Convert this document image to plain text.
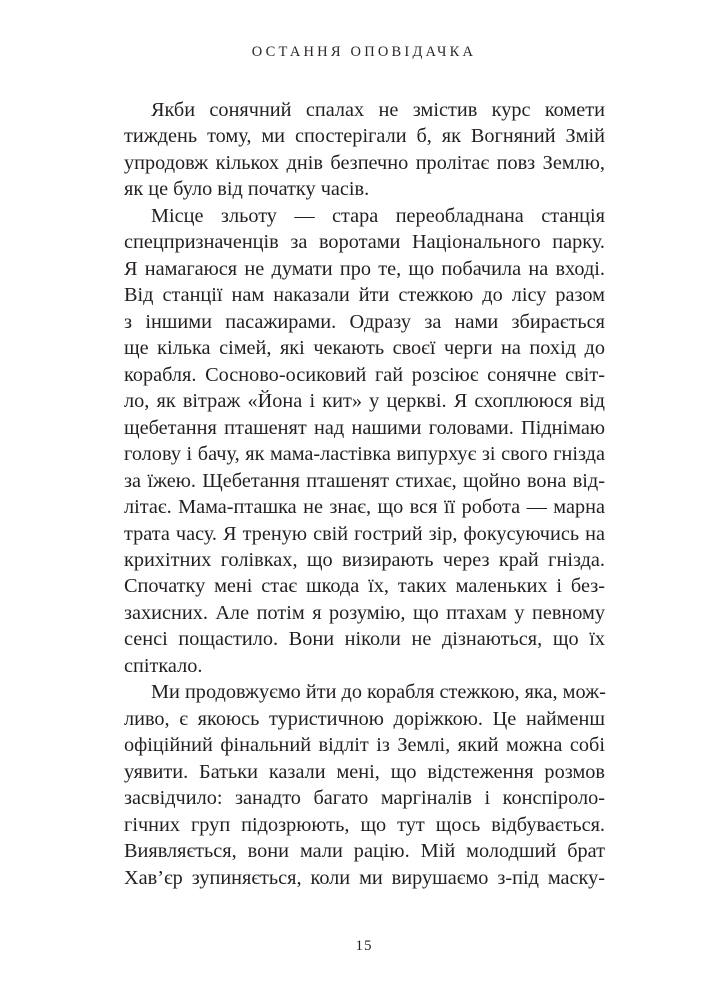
ОСТАННЯ ОПОВІДАЧКА
Якби сонячний спалах не змістив курс комети
тиждень тому, ми спостерігали б, як Вогняний Змій
упродовж кількох днів безпечно пролітає повз Землю,
як це було від початку часів.
Місце зльоту — стара переобладнана станція
спецпризначенців за воротами Національного парку.
Я намагаюся не думати про те, що побачила на вході.
Від станції нам наказали йти стежкою до лісу разом
з іншими пасажирами. Одразу за нами збирається
ще кілька сімей, які чекають своєї черги на похід до
корабля. Сосново-осиковий гай розсіює сонячне світ-
ло, як вітраж «Йона і кит» у церкві. Я схоплююся від
щебетання пташенят над нашими головами. Піднімаю
голову і бачу, як мама-ластівка випурхує зі свого гнізда
за їжею. Щебетання пташенят стихає, щойно вона від-
літає. Мама-пташка не знає, що вся її робота — марна
трата часу. Я треную свій гострий зір, фокусуючись на
крихітних голівках, що визирають через край гнізда.
Спочатку мені стає шкода їх, таких маленьких і без-
захисних. Але потім я розумію, що птахам у певному
сенсі пощастило. Вони ніколи не дізнаються, що їх
спіткало.
Ми продовжуємо йти до корабля стежкою, яка, мож-
ливо, є якоюсь туристичною доріжкою. Це найменш
офіційний фінальний відліт із Землі, який можна собі
уявити. Батьки казали мені, що відстеження розмов
засвідчило: занадто багато маргіналів і конспіроло-
гічних груп підозрюють, що тут щось відбувається.
Виявляється, вони мали рацію. Мій молодший брат
Хав’єр зупиняється, коли ми вирушаємо з-під маску-
15
